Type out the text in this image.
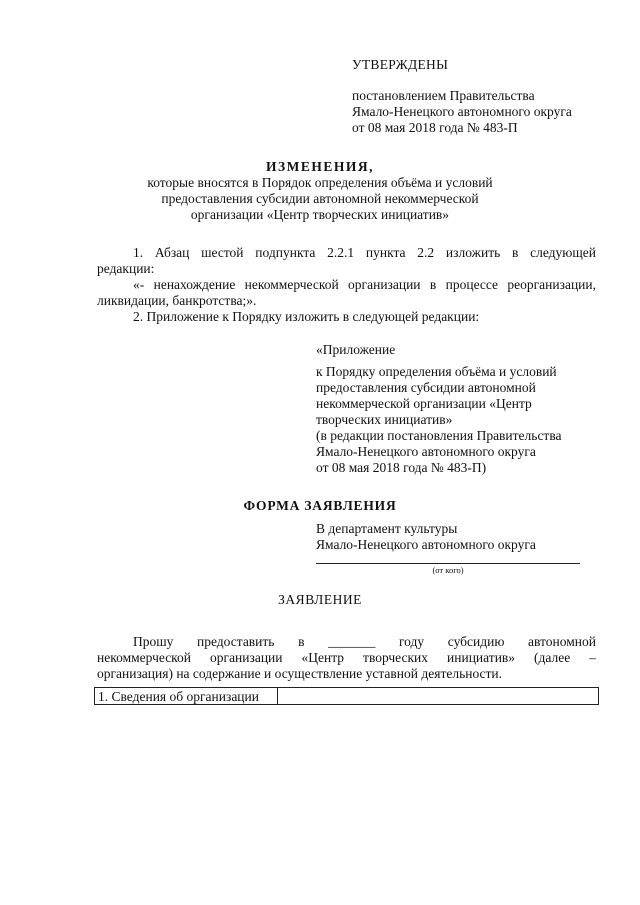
УТВЕРЖДЕНЫ
постановлением Правительства
Ямало-Ненецкого автономного округа
от 08 мая 2018 года № 483-П
ИЗМЕНЕНИЯ,
которые вносятся в Порядок определения объёма и условий
предоставления субсидии автономной некоммерческой
организации «Центр творческих инициатив»
1. Абзац шестой подпункта 2.2.1 пункта 2.2 изложить в следующей
редакции:
«- ненахождение некоммерческой организации в процессе реорганизации,
ликвидации, банкротства;».
2. Приложение к Порядку изложить в следующей редакции:
«Приложение
к Порядку определения объёма и условий
предоставления субсидии автономной
некоммерческой организации «Центр
творческих инициатив»
(в редакции постановления Правительства
Ямало-Ненецкого автономного округа
от 08 мая 2018 года № 483-П)
ФОРМА ЗАЯВЛЕНИЯ
В департамент культуры
Ямало-Ненецкого автономного округа
(от кого)
ЗАЯВЛЕНИЕ
Прошу предоставить в _______ году субсидию автономной
некоммерческой организации «Центр творческих инициатив» (далее –
организация) на содержание и осуществление уставной деятельности.
1. Сведения об организации
